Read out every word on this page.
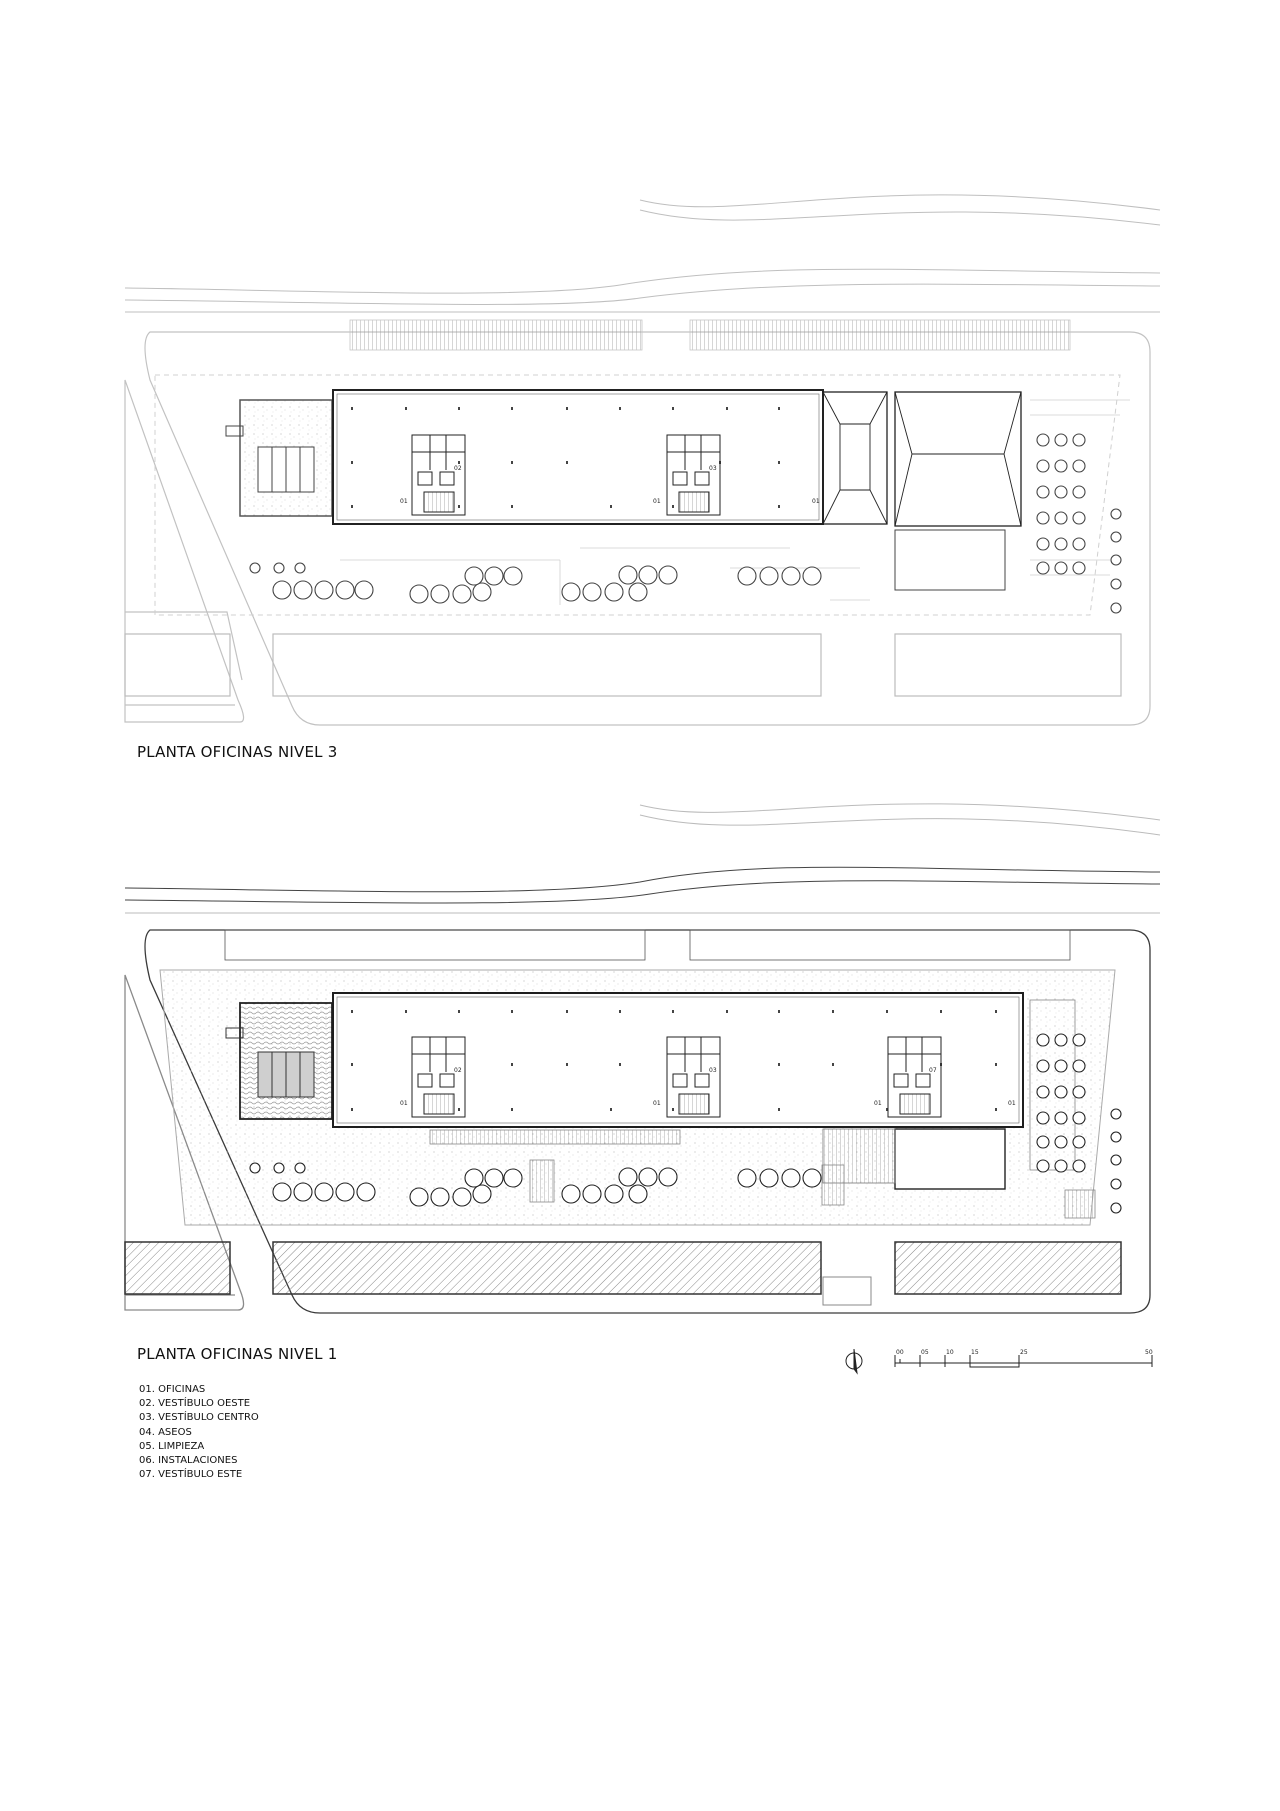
01
02	03
01	01
PLANTA OFICINAS NIVEL 3
01
02
01
03
01
07
01
PLANTA OFICINAS NIVEL 1	00	05	10	15	25	50
01. OFICINAS
02. VESTÍBULO OESTE
03. VESTÍBULO CENTRO
04. ASEOS
05. LIMPIEZA
06. INSTALACIONES
07. VESTÍBULO ESTE
